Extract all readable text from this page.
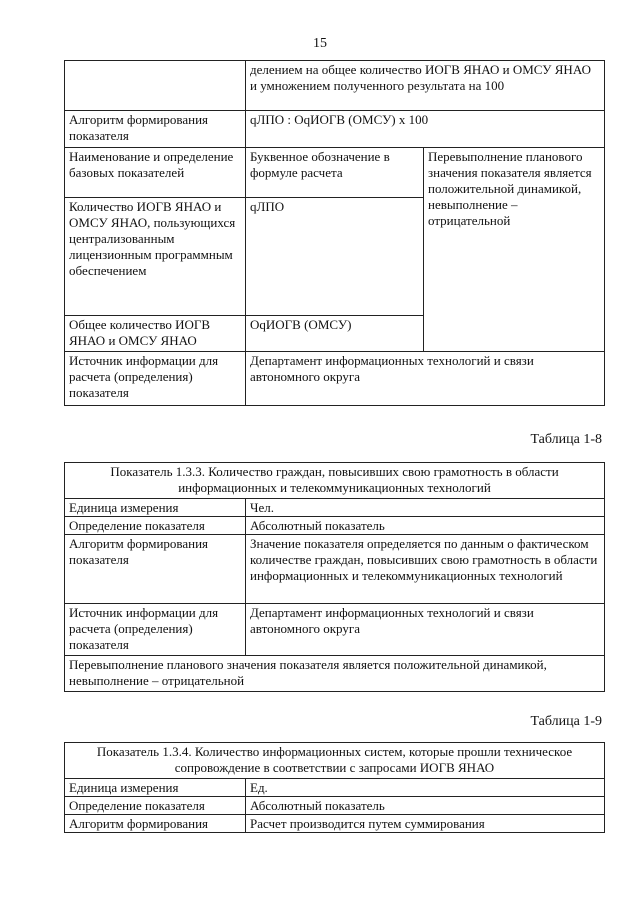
15
	делением на общее количество ИОГВ ЯНАО и ОМСУ ЯНАО и умножением полученного результата на 100	
Алгоритм формирования показателя	qЛПО : OqИОГВ (ОМСУ) х 100	
Наименование и определение базовых показателей	Буквенное обозначение в формуле расчета	Перевыполнение планового значения показателя является положительной динамикой, невыполнение – отрицательной
Количество ИОГВ ЯНАО и ОМСУ ЯНАО, пользующихся централизованным лицензионным программным обеспечением	qЛПО	
Общее количество ИОГВ ЯНАО и ОМСУ ЯНАО	OqИОГВ (ОМСУ)	
Источник информации для расчета (определения) показателя	Департамент информационных технологий и связи автономного округа	
Таблица 1-8
Показатель 1.3.3. Количество граждан, повысивших свою грамотность в области информационных и телекоммуникационных технологий	
Единица измерения	Чел.
Определение показателя	Абсолютный показатель
Алгоритм формирования показателя	Значение показателя определяется по данным о фактическом количестве граждан, повысивших свою грамотность в области информационных и телекоммуникационных технологий
Источник информации для расчета (определения) показателя	Департамент информационных технологий и связи автономного округа
Перевыполнение планового значения показателя является положительной динамикой, невыполнение – отрицательной	
Таблица 1-9
Показатель 1.3.4. Количество информационных систем, которые прошли техническое сопровождение в соответствии с запросами ИОГВ ЯНАО	
Единица измерения	Ед.
Определение показателя	Абсолютный показатель
Алгоритм формирования	Расчет производится путем суммирования
